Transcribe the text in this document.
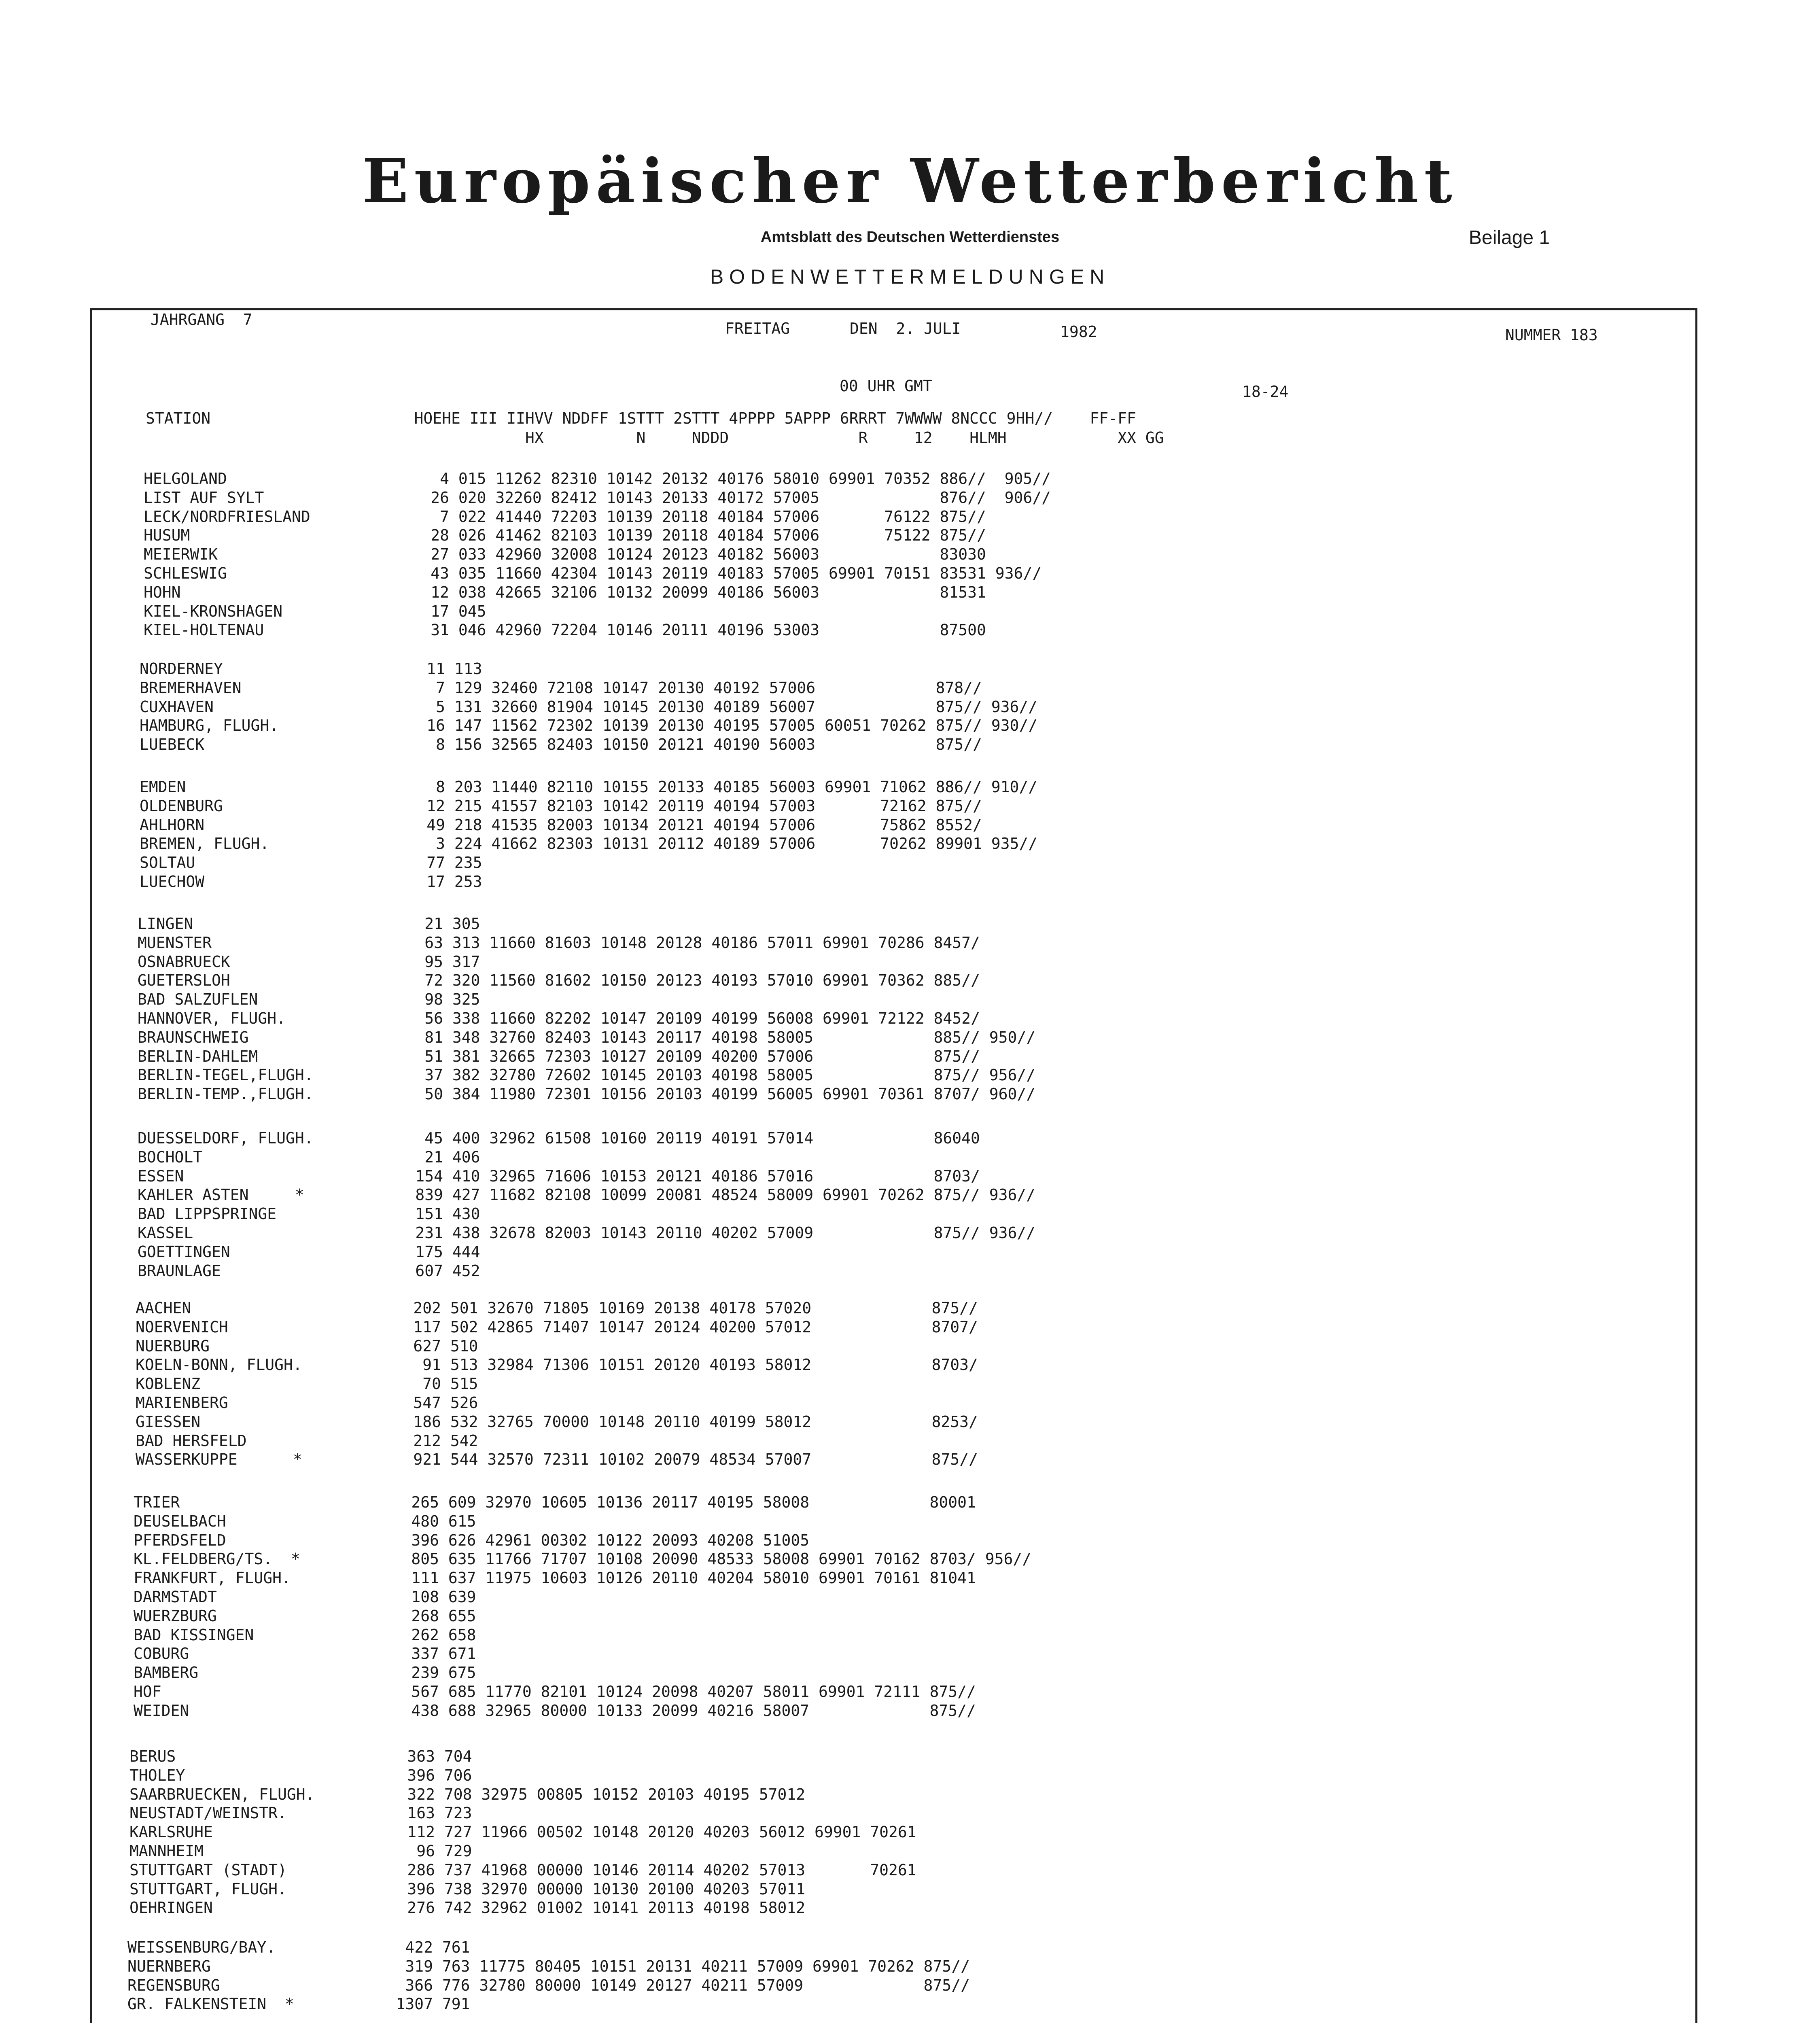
Europäischer Wetterbericht
Amtsblatt des Deutschen Wetterdienstes	Beilage 1
BODENWETTERMELDUNGEN
JAHRGANG  7	FREITAG	DEN  2. JULI	1982	NUMMER 183
00 UHR GMT	18-24
STATION                      HOEHE III IIHVV NDDFF 1STTT 2STTT 4PPPP 5APPP 6RRRT 7WWWW 8NCCC 9HH//    FF-FF
HX          N     NDDD              R     12    HLMH            XX GG
HELGOLAND                       4 015 11262 82310 10142 20132 40176 58010 69901 70352 886//  905//
LIST AUF SYLT                  26 020 32260 82412 10143 20133 40172 57005             876//  906//
LECK/NORDFRIESLAND              7 022 41440 72203 10139 20118 40184 57006       76122 875//
HUSUM                          28 026 41462 82103 10139 20118 40184 57006       75122 875//
MEIERWIK                       27 033 42960 32008 10124 20123 40182 56003             83030
SCHLESWIG                      43 035 11660 42304 10143 20119 40183 57005 69901 70151 83531 936//
HOHN                           12 038 42665 32106 10132 20099 40186 56003             81531
KIEL-KRONSHAGEN                17 045
KIEL-HOLTENAU                  31 046 42960 72204 10146 20111 40196 53003             87500
NORDERNEY                      11 113
BREMERHAVEN                     7 129 32460 72108 10147 20130 40192 57006             878//
CUXHAVEN                        5 131 32660 81904 10145 20130 40189 56007             875// 936//
HAMBURG, FLUGH.                16 147 11562 72302 10139 20130 40195 57005 60051 70262 875// 930//
LUEBECK                         8 156 32565 82403 10150 20121 40190 56003             875//
EMDEN                           8 203 11440 82110 10155 20133 40185 56003 69901 71062 886// 910//
OLDENBURG                      12 215 41557 82103 10142 20119 40194 57003       72162 875//
AHLHORN                        49 218 41535 82003 10134 20121 40194 57006       75862 8552/
BREMEN, FLUGH.                  3 224 41662 82303 10131 20112 40189 57006       70262 89901 935//
SOLTAU                         77 235
LUECHOW                        17 253
LINGEN                         21 305
MUENSTER                       63 313 11660 81603 10148 20128 40186 57011 69901 70286 8457/
OSNABRUECK                     95 317
GUETERSLOH                     72 320 11560 81602 10150 20123 40193 57010 69901 70362 885//
BAD SALZUFLEN                  98 325
HANNOVER, FLUGH.               56 338 11660 82202 10147 20109 40199 56008 69901 72122 8452/
BRAUNSCHWEIG                   81 348 32760 82403 10143 20117 40198 58005             885// 950//
BERLIN-DAHLEM                  51 381 32665 72303 10127 20109 40200 57006             875//
BERLIN-TEGEL,FLUGH.            37 382 32780 72602 10145 20103 40198 58005             875// 956//
BERLIN-TEMP.,FLUGH.            50 384 11980 72301 10156 20103 40199 56005 69901 70361 8707/ 960//
DUESSELDORF, FLUGH.            45 400 32962 61508 10160 20119 40191 57014             86040
BOCHOLT                        21 406
ESSEN                         154 410 32965 71606 10153 20121 40186 57016             8703/
KAHLER ASTEN     *            839 427 11682 82108 10099 20081 48524 58009 69901 70262 875// 936//
BAD LIPPSPRINGE               151 430
KASSEL                        231 438 32678 82003 10143 20110 40202 57009             875// 936//
GOETTINGEN                    175 444
BRAUNLAGE                     607 452
AACHEN                        202 501 32670 71805 10169 20138 40178 57020             875//
NOERVENICH                    117 502 42865 71407 10147 20124 40200 57012             8707/
NUERBURG                      627 510
KOELN-BONN, FLUGH.             91 513 32984 71306 10151 20120 40193 58012             8703/
KOBLENZ                        70 515
MARIENBERG                    547 526
GIESSEN                       186 532 32765 70000 10148 20110 40199 58012             8253/
BAD HERSFELD                  212 542
WASSERKUPPE      *            921 544 32570 72311 10102 20079 48534 57007             875//
TRIER                         265 609 32970 10605 10136 20117 40195 58008             80001
DEUSELBACH                    480 615
PFERDSFELD                    396 626 42961 00302 10122 20093 40208 51005
KL.FELDBERG/TS.  *            805 635 11766 71707 10108 20090 48533 58008 69901 70162 8703/ 956//
FRANKFURT, FLUGH.             111 637 11975 10603 10126 20110 40204 58010 69901 70161 81041
DARMSTADT                     108 639
WUERZBURG                     268 655
BAD KISSINGEN                 262 658
COBURG                        337 671
BAMBERG                       239 675
HOF                           567 685 11770 82101 10124 20098 40207 58011 69901 72111 875//
WEIDEN                        438 688 32965 80000 10133 20099 40216 58007             875//
BERUS                         363 704
THOLEY                        396 706
SAARBRUECKEN, FLUGH.          322 708 32975 00805 10152 20103 40195 57012
NEUSTADT/WEINSTR.             163 723
KARLSRUHE                     112 727 11966 00502 10148 20120 40203 56012 69901 70261
MANNHEIM                       96 729
STUTTGART (STADT)             286 737 41968 00000 10146 20114 40202 57013       70261
STUTTGART, FLUGH.             396 738 32970 00000 10130 20100 40203 57011
OEHRINGEN                     276 742 32962 01002 10141 20113 40198 58012
WEISSENBURG/BAY.              422 761
NUERNBERG                     319 763 11775 80405 10151 20131 40211 57009 69901 70262 875//
REGENSBURG                    366 776 32780 80000 10149 20127 40211 57009             875//
GR. FALKENSTEIN  *           1307 791
